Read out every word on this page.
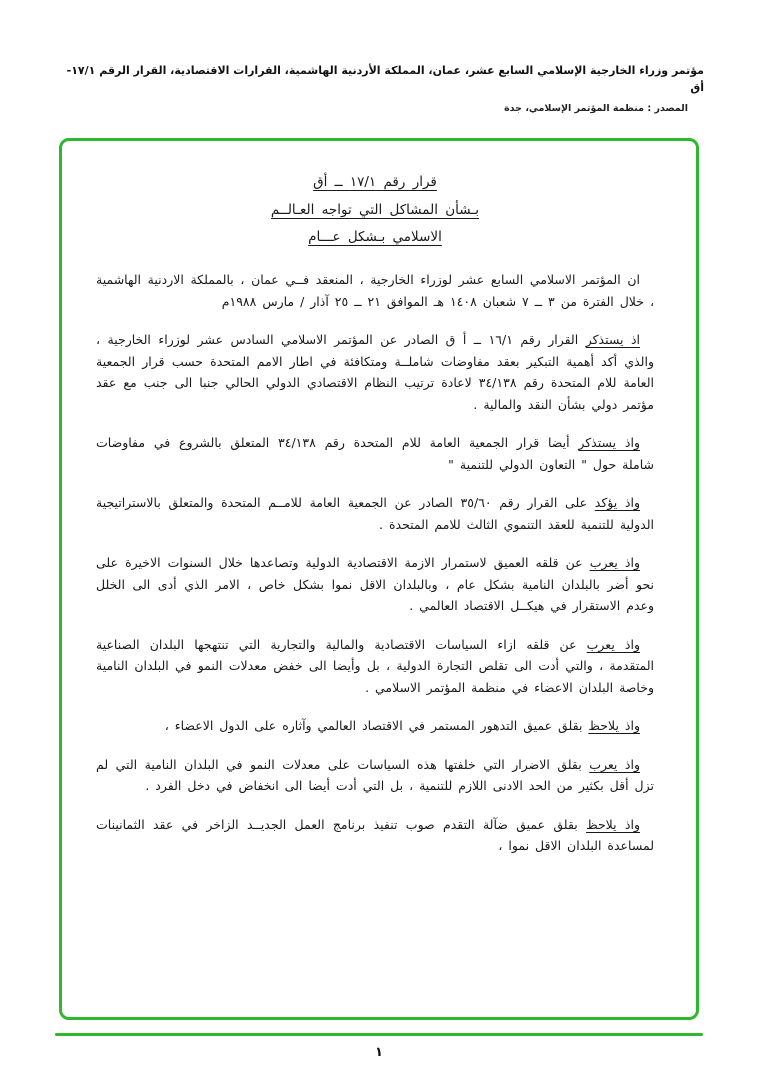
مؤتمر وزراء الخارجية الإسلامي السابع عشر، عمان، المملكة الأردنية الهاشمية، القرارات الاقتصادية، القرار الرقم ١٧/١-أق
المصدر : منظمة المؤتمر الإسلامي، جدة
قرار رقم ١٧/١ ــ أق
بـشأن المشاكل التي تواجه العـالــم
الاسلامي بـشكل عـــام
ان المؤتمر الاسلامي السابع عشر لوزراء الخارجية ، المنعقد فــي عمان ، بالمملكة الاردنية الهاشمية ، خلال الفترة من ٣ ــ ٧ شعبان ١٤٠٨ هـ الموافق ٢١ ــ ٢٥ آذار / مارس ١٩٨٨م
اذ يستذكر القرار رقم ١٦/١ ــ أ ق الصادر عن المؤتمر الاسلامي السادس عشر لوزراء الخارجية ، والذي أكد أهمية التبكير بعقد مفاوضات شاملــة ومتكافئة في اطار الامم المتحدة حسب قرار الجمعية العامة للام المتحدة رقم ٣٤/١٣٨ لاعادة ترتيب النظام الاقتصادي الدولي الحالي جنبا الى جنب مع عقد مؤتمر دولي بشأن النقد والمالية .
واذ يستذكر أيضا قرار الجمعية العامة للام المتحدة رقم ٣٤/١٣٨ المتعلق بالشروع في مفاوضات شاملة حول " التعاون الدولي للتنمية "
واذ يؤكد على القرار رقم ٣٥/٦٠ الصادر عن الجمعية العامة للامــم المتحدة والمتعلق بالاستراتيجية الدولية للتنمية للعقد التنموي الثالث للامم المتحدة .
واذ يعرب عن قلقه العميق لاستمرار الازمة الاقتصادية الدولية وتصاعدها خلال السنوات الاخيرة على نحو أضر بالبلدان النامية بشكل عام ، وبالبلدان الاقل نموا بشكل خاص ، الامر الذي أدى الى الخلل وعدم الاستقرار في هيكــل الاقتصاد العالمي .
واذ يعرب عن قلقه ازاء السياسات الاقتصادية والمالية والتجارية التي تنتهجها البلدان الصناعية المتقدمة ، والتي أدت الى تقلص التجارة الدولية ، بل وأيضا الى خفض معدلات النمو في البلدان النامية وخاصة البلدان الاعضاء في منظمة المؤتمر الاسلامي .
واذ يلاحظ بقلق عميق التدهور المستمر في الاقتصاد العالمي وآثاره على الدول الاعضاء ،
واذ يعرب بقلق الاضرار التي خلفتها هذه السياسات على معدلات النمو في البلدان النامية التي لم تزل أقل بكثير من الحد الادنى اللازم للتنمية ، بل التي أدت أيضا الى انخفاض في دخل الفرد .
واذ يلاحظ بقلق عميق ضآلة التقدم صوب تنفيذ برنامج العمل الجديــد الزاخر في عقد الثمانينات لمساعدة البلدان الاقل نموا ،
١
